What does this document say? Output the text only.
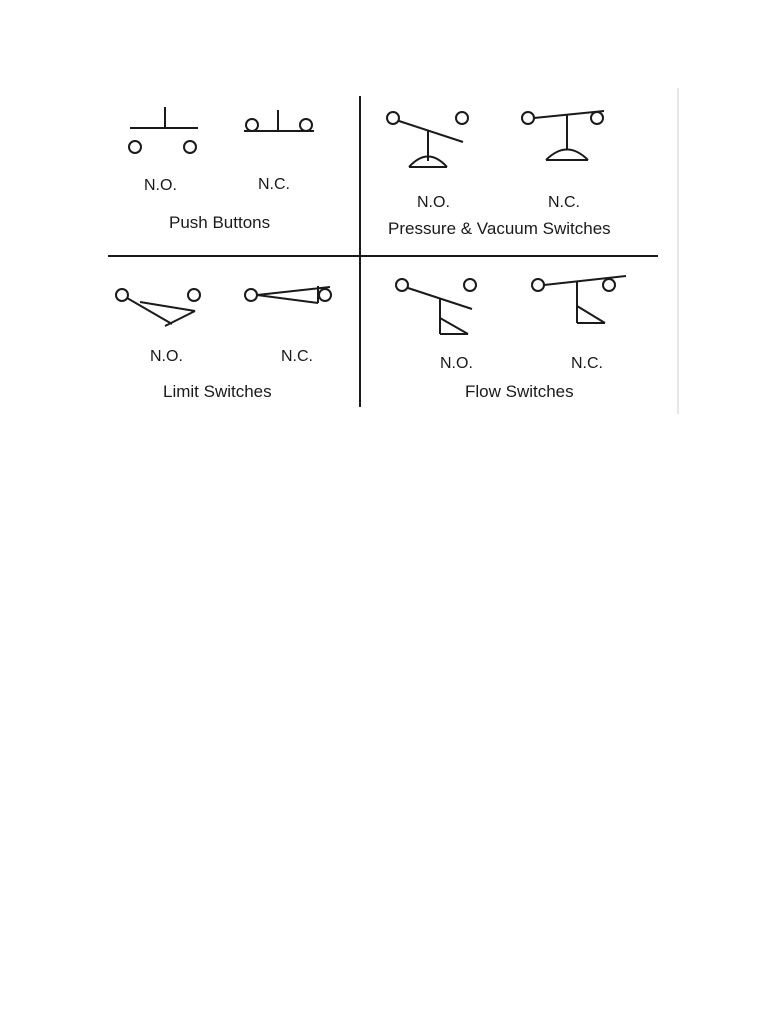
N.O.	N.C.
Push Buttons
N.O.	N.C.
Pressure & Vacuum Switches
N.O.	N.C.
Limit Switches
N.O.	N.C.
Flow Switches
